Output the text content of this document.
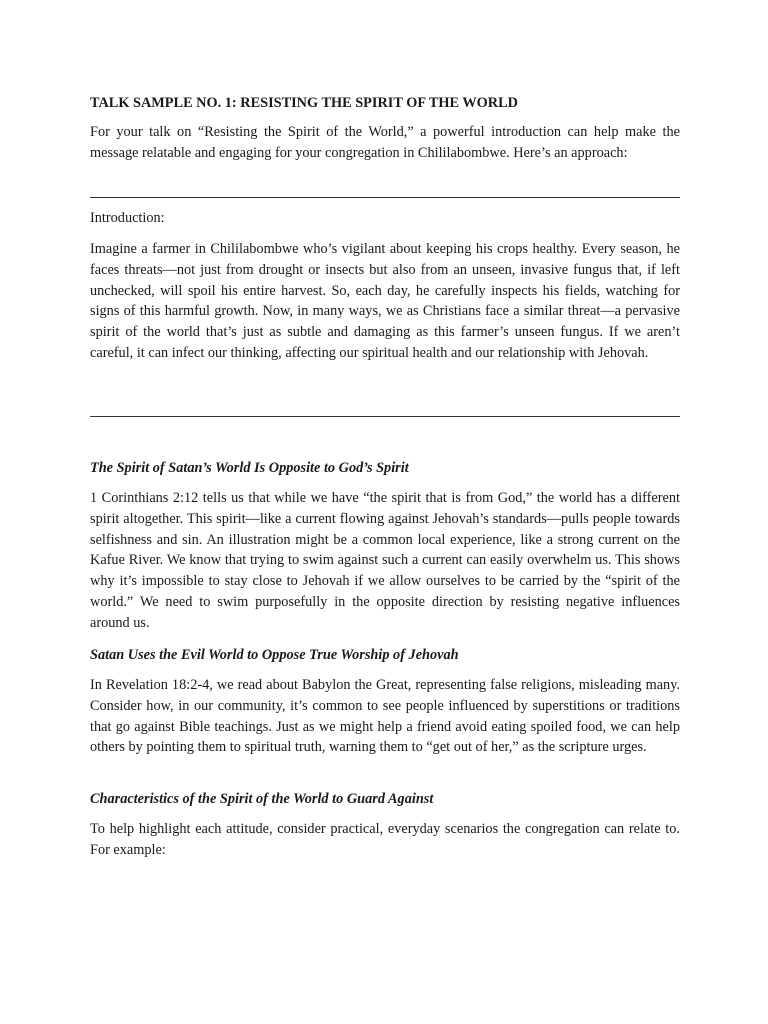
TALK SAMPLE NO. 1: RESISTING THE SPIRIT OF THE WORLD

For your talk on “Resisting the Spirit of the World,” a powerful introduction can help make the message relatable and engaging for your congregation in Chililabombwe. Here’s an approach:

Introduction:

Imagine a farmer in Chililabombwe who’s vigilant about keeping his crops healthy. Every season, he faces threats—not just from drought or insects but also from an unseen, invasive fungus that, if left unchecked, will spoil his entire harvest. So, each day, he carefully inspects his fields, watching for signs of this harmful growth. Now, in many ways, we as Christians face a similar threat—a pervasive spirit of the world that’s just as subtle and damaging as this farmer’s unseen fungus. If we aren’t careful, it can infect our thinking, affecting our spiritual health and our relationship with Jehovah.

The Spirit of Satan’s World Is Opposite to God’s Spirit

1 Corinthians 2:12 tells us that while we have “the spirit that is from God,” the world has a different spirit altogether. This spirit—like a current flowing against Jehovah’s standards—pulls people towards selfishness and sin. An illustration might be a common local experience, like a strong current on the Kafue River. We know that trying to swim against such a current can easily overwhelm us. This shows why it’s impossible to stay close to Jehovah if we allow ourselves to be carried by the “spirit of the world.” We need to swim purposefully in the opposite direction by resisting negative influences around us.

Satan Uses the Evil World to Oppose True Worship of Jehovah

In Revelation 18:2-4, we read about Babylon the Great, representing false religions, misleading many. Consider how, in our community, it’s common to see people influenced by superstitions or traditions that go against Bible teachings. Just as we might help a friend avoid eating spoiled food, we can help others by pointing them to spiritual truth, warning them to “get out of her,” as the scripture urges.

Characteristics of the Spirit of the World to Guard Against

To help highlight each attitude, consider practical, everyday scenarios the congregation can relate to. For example:
